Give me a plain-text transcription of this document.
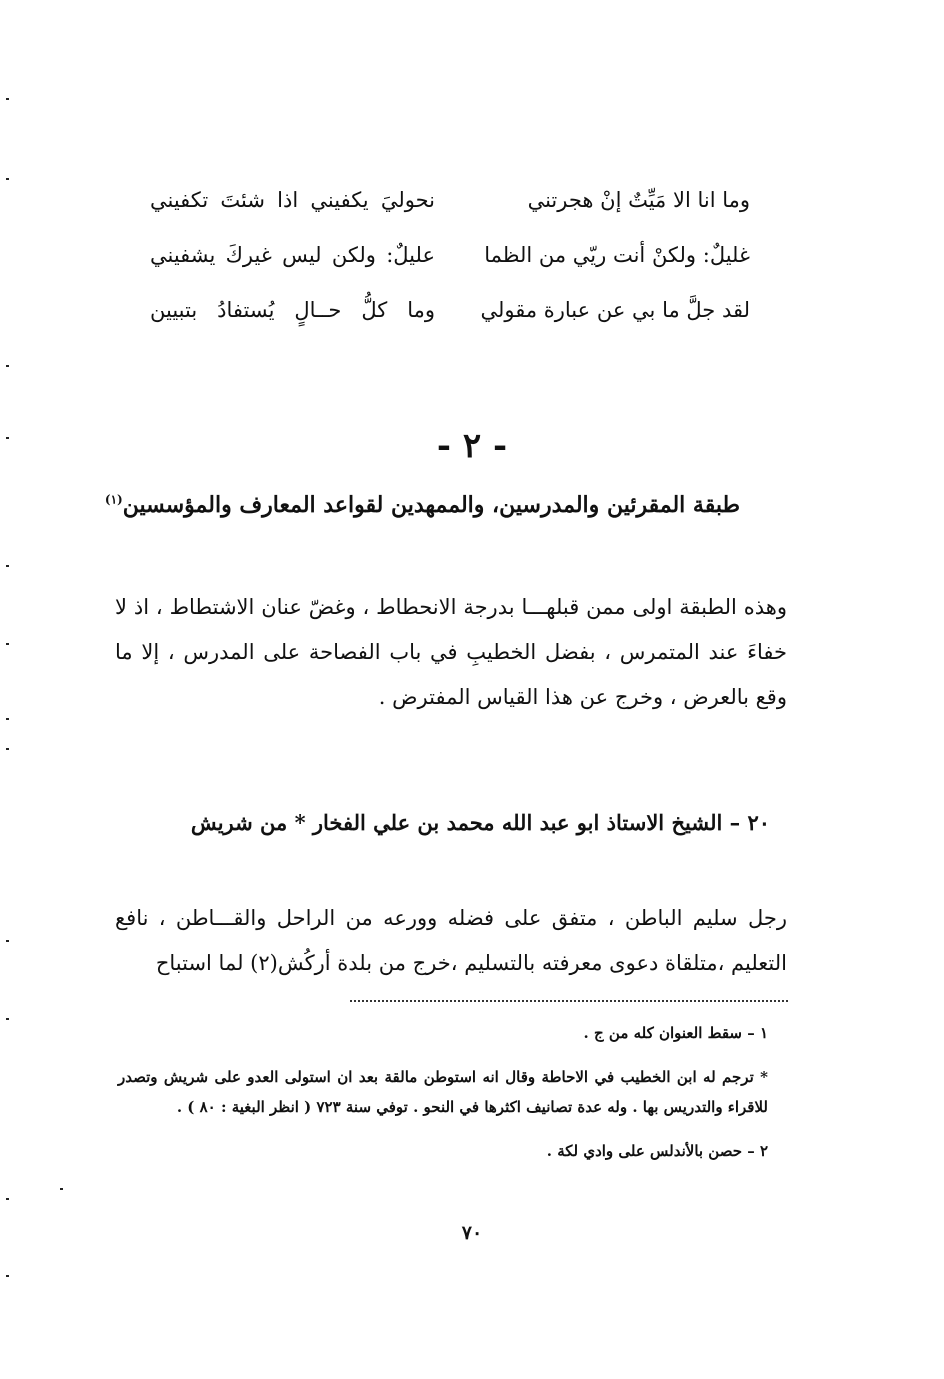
وما انا الا مَيِّتٌ إنْ هجرتني
نحوليَ يكفيني اذا شئتَ تكفيني
غليلٌ: ولكنْ أنت ريّي من الظما
عليلٌ: ولكن ليس غيركَ يشفيني
لقد جلَّ ما بي عن عبارة مقولي
وما كلُّ حــالٍ يُستفادُ بتبيين
- ٢ -
طبقة المقرئين والمدرسين، والممهدين لقواعد المعارف والمؤسسين$^{(١)}$
وهذه الطبقة اولى ممن قبلهـــا بدرجة الانحطاط ، وغضّ عنان الاشتطاط ، اذ لا خفاءَ عند المتمرس ، بفضل الخطيبِ في باب الفصاحة على المدرس ، إلا ما وقع بالعرض ، وخرج عن هذا القياس المفترض .
٢٠ – الشيخ الاستاذ ابو عبد الله محمد بن علي الفخار * من شريش
رجل سليم الباطن ، متفق على فضله وورعه من الراحل والقـــاطن ، نافع التعليم ،متلقاة دعوى معرفته بالتسليم ،خرج من بلدة أركُش(٢) لما استباح

١ – سقط العنوان كله من ج .

* ترجم له ابن الخطيب في الاحاطة وقال انه استوطن مالقة بعد ان استولى العدو على شريش وتصدر للاقراء والتدريس بها . وله عدة تصانيف اكثرها في النحو . توفي سنة ٧٢٣ ( انظر البغية : ٨٠ ) .

٢ – حصن بالأندلس على وادي لكة .

٧٠
